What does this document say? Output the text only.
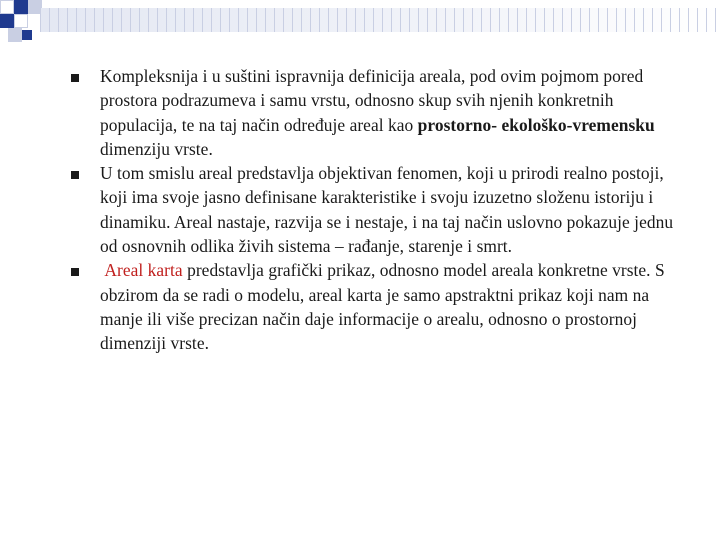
Kompleksnija i u suštini ispravnija definicija areala, pod ovim pojmom pored prostora podrazumeva i samu vrstu, odnosno skup svih njenih konkretnih populacija, te na taj način određuje areal kao prostorno- ekološko-vremensku dimenziju vrste.
U tom smislu areal predstavlja objektivan fenomen, koji u prirodi realno postoji, koji ima svoje jasno definisane karakteristike i svoju izuzetno složenu istoriju i dinamiku. Areal nastaje, razvija se i nestaje, i na taj način uslovno pokazuje jednu od osnovnih odlika živih sistema – rađanje, starenje i smrt.
Areal karta predstavlja grafički prikaz, odnosno model areala konkretne vrste. S obzirom da se radi o modelu, areal karta je samo apstraktni prikaz koji nam na manje ili više precizan način daje informacije o arealu, odnosno o prostornoj dimenziji vrste.
